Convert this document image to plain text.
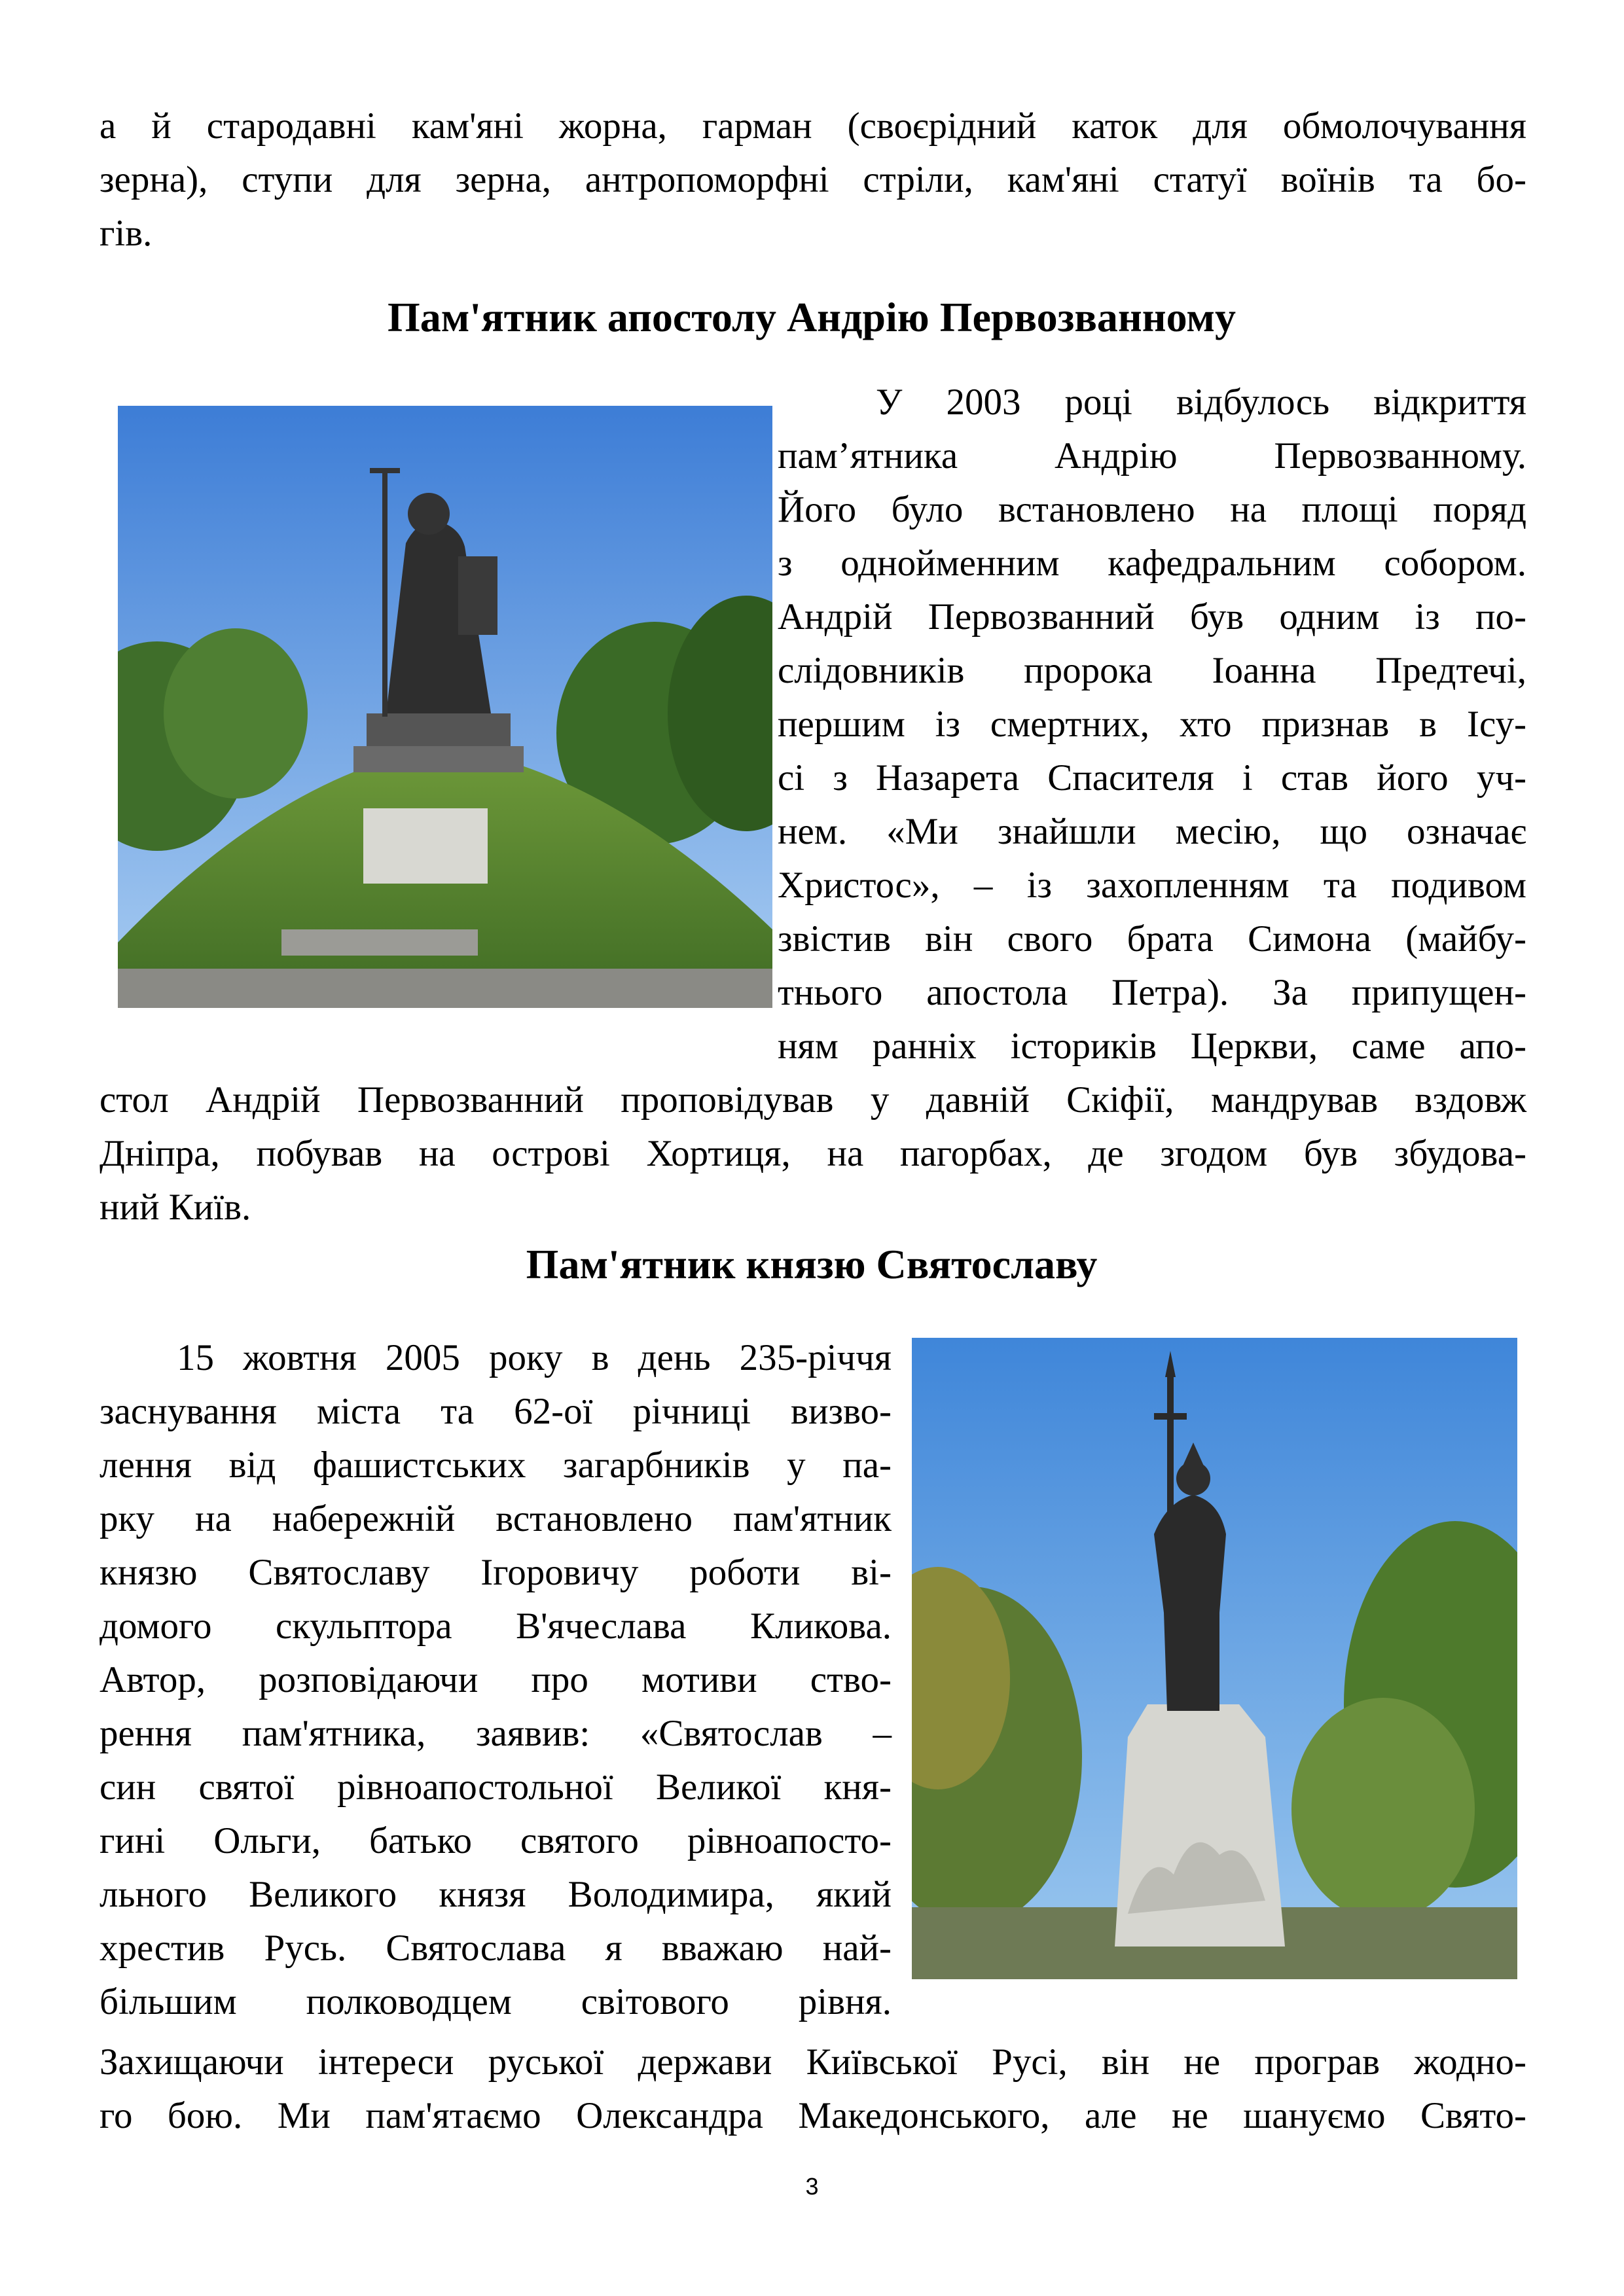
а й стародавні кам'яні жорна, гарман (своєрідний каток для обмолочування
зерна), ступи для зерна, антропоморфні стріли, кам'яні статуї воїнів та бо-
гів.
Пам'ятник апостолу Андрію Первозванному
У 2003 році відбулось відкриття
пам’ятника Андрію Первозванному.
Його було встановлено на площі поряд
з однойменним кафедральним собором.
Андрій Первозванний був одним із по-
слідовників пророка Іоанна Предтечі,
першим із смертних, хто признав в Ісу-
сі з Назарета Спасителя і став його уч-
нем. «Ми знайшли месію, що означає
Христос», – із захопленням та подивом
звістив він свого брата Симона (майбу-
тнього апостола Петра). За припущен-
ням ранніх істориків Церкви, саме апо-
стол Андрій Первозванний проповідував у давній Скіфії, мандрував вздовж
Дніпра, побував на острові Хортиця, на пагорбах, де згодом був збудова-
ний Київ.
Пам'ятник князю Святославу
15 жовтня 2005 року в день 235-річчя
заснування міста та 62-ої річниці визво-
лення від фашистських загарбників у па-
рку на набережній встановлено пам'ятник
князю Святославу Ігоровичу роботи ві-
домого скульптора В'ячеслава Кликова.
Автор, розповідаючи про мотиви ство-
рення пам'ятника, заявив: «Святослав –
син святої рівноапостольної Великої кня-
гині Ольги, батько святого рівноапосто-
льного Великого князя Володимира, який
хрестив Русь. Святослава я вважаю най-
більшим полководцем світового рівня.
Захищаючи інтереси руської держави Київської Русі, він не програв жодно-
го бою. Ми пам'ятаємо Олександра Македонського, але не шануємо Свято-
3
